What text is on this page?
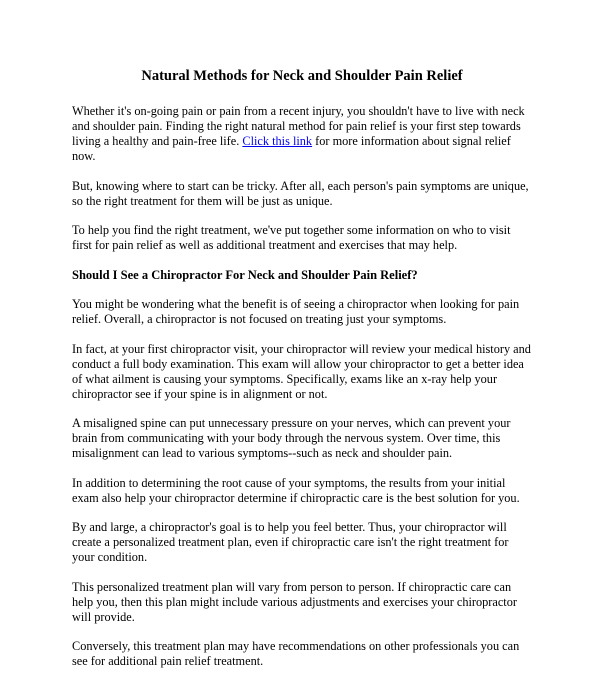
Natural Methods for Neck and Shoulder Pain Relief

Whether it's on-going pain or pain from a recent injury, you shouldn't have to live with neck and shoulder pain. Finding the right natural method for pain relief is your first step towards living a healthy and pain-free life. Click this link for more information about signal relief now.

But, knowing where to start can be tricky. After all, each person's pain symptoms are unique, so the right treatment for them will be just as unique.

To help you find the right treatment, we've put together some information on who to visit first for pain relief as well as additional treatment and exercises that may help.

Should I See a Chiropractor For Neck and Shoulder Pain Relief?

You might be wondering what the benefit is of seeing a chiropractor when looking for pain relief. Overall, a chiropractor is not focused on treating just your symptoms.

In fact, at your first chiropractor visit, your chiropractor will review your medical history and conduct a full body examination. This exam will allow your chiropractor to get a better idea of what ailment is causing your symptoms. Specifically, exams like an x-ray help your chiropractor see if your spine is in alignment or not.

A misaligned spine can put unnecessary pressure on your nerves, which can prevent your brain from communicating with your body through the nervous system. Over time, this misalignment can lead to various symptoms--such as neck and shoulder pain.

In addition to determining the root cause of your symptoms, the results from your initial exam also help your chiropractor determine if chiropractic care is the best solution for you.

By and large, a chiropractor's goal is to help you feel better. Thus, your chiropractor will create a personalized treatment plan, even if chiropractic care isn't the right treatment for your condition.

This personalized treatment plan will vary from person to person. If chiropractic care can help you, then this plan might include various adjustments and exercises your chiropractor will provide.

Conversely, this treatment plan may have recommendations on other professionals you can see for additional pain relief treatment.
